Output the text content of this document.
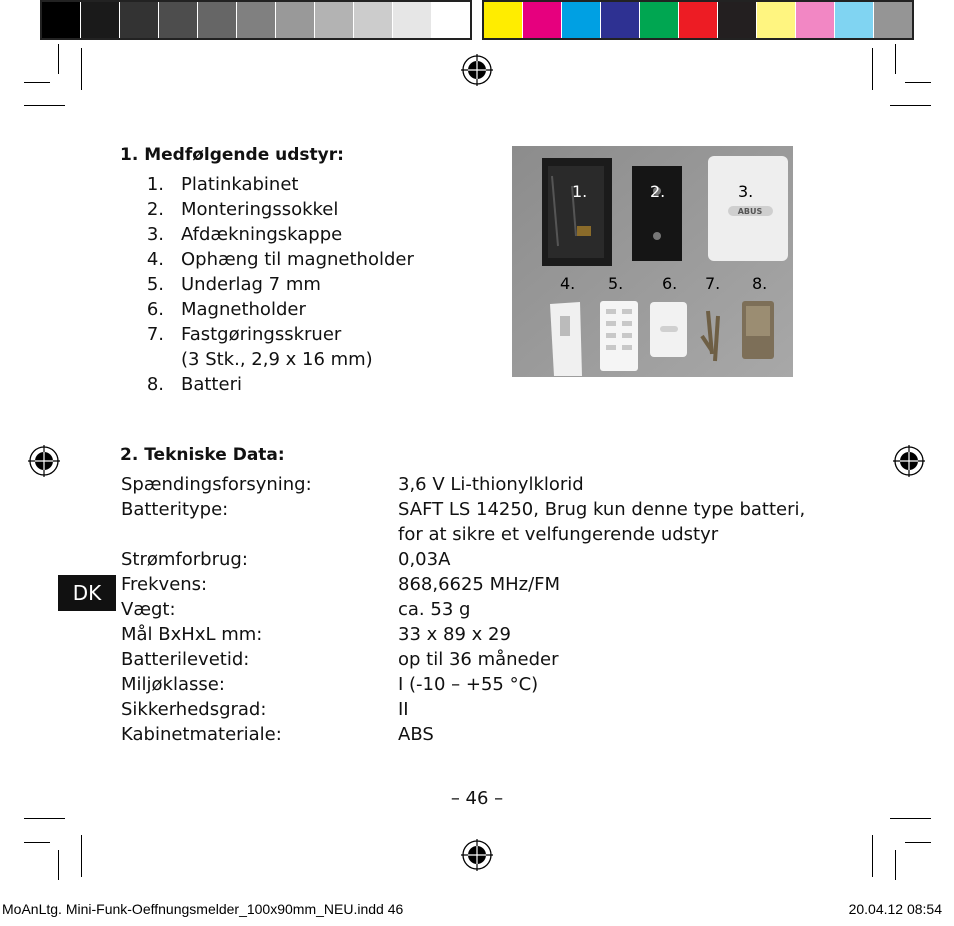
1. Medfølgende udstyr:
1. Platinkabinet
2. Monteringssokkel
3. Afdækningskappe
4. Ophæng til magnetholder
5. Underlag 7 mm
6. Magnetholder
7. Fastgøringsskruer
(3 Stk., 2,9 x 16 mm)
8. Batteri
ABUS
1.	2.	3.
4. 5. 6. 7. 8.
2. Tekniske Data:
Spændingsforsyning:	3,6 V Li-thionylklorid
Batteritype:	SAFT LS 14250, Brug kun denne type batteri,
for at sikre et velfungerende udstyr
Strømforbrug:	0,03A
Frekvens:	868,6625 MHz/FM
Vægt:	ca. 53 g
Mål BxHxL mm:	33 x 89 x 29
Batterilevetid:	op til 36 måneder
Miljøklasse:	I (-10 – +55 °C)
Sikkerhedsgrad:	II
Kabinetmateriale:	ABS
DK
– 46 –
MoAnLtg. Mini-Funk-Oeffnungsmelder_100x90mm_NEU.indd 46	20.04.12 08:54
